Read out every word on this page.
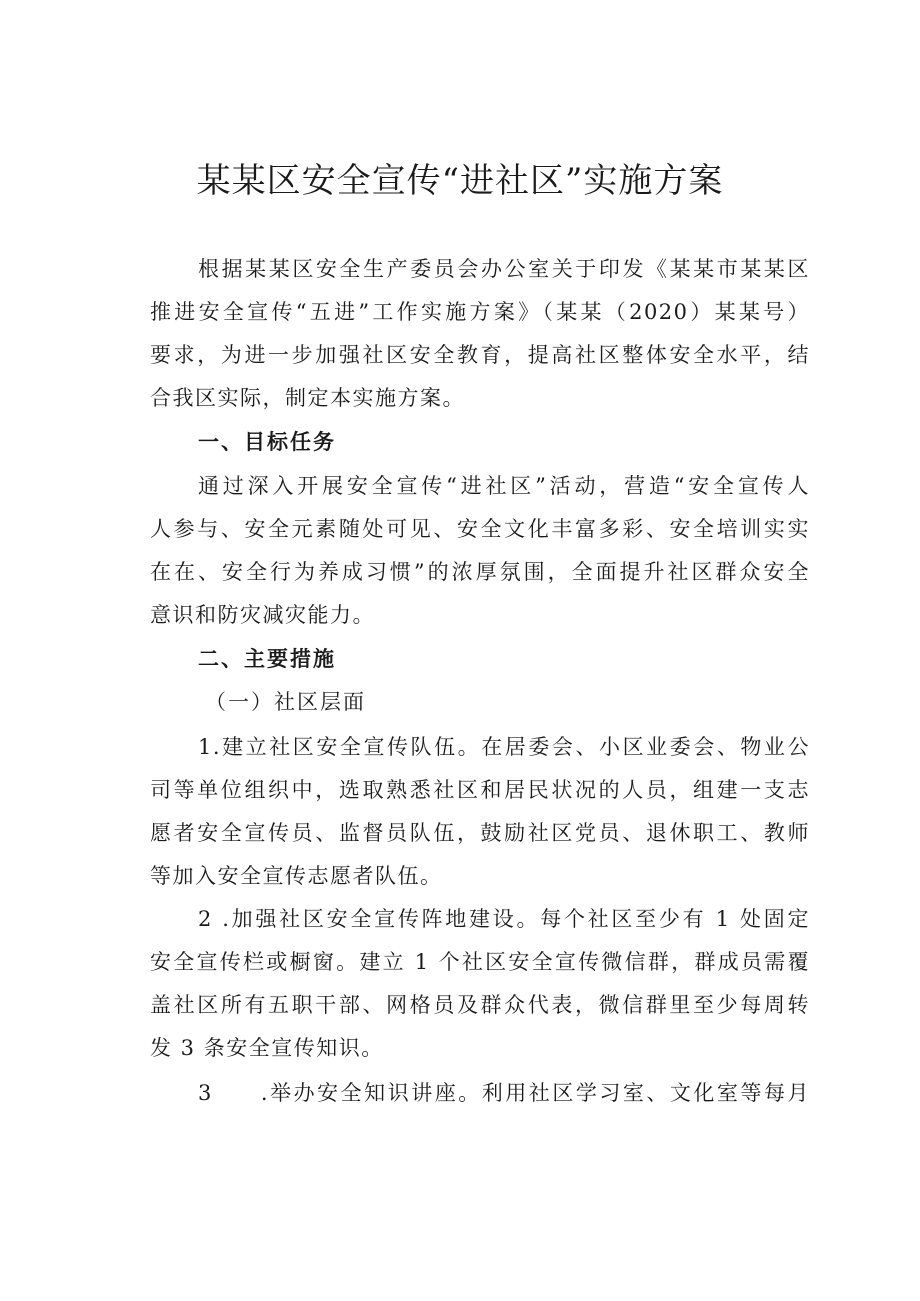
某某区安全宣传“进社区”实施方案
根据某某区安全生产委员会办公室关于印发《某某市某某区
推进安全宣传“五进”工作实施方案》（某某（2020）某某号）
要求，为进一步加强社区安全教育，提高社区整体安全水平，结
合我区实际，制定本实施方案。
一、目标任务
通过深入开展安全宣传“进社区”活动，营造“安全宣传人
人参与、安全元素随处可见、安全文化丰富多彩、安全培训实实
在在、安全行为养成习惯”的浓厚氛围，全面提升社区群众安全
意识和防灾减灾能力。
二、主要措施
（一）社区层面
1.建立社区安全宣传队伍。在居委会、小区业委会、物业公
司等单位组织中，选取熟悉社区和居民状况的人员，组建一支志
愿者安全宣传员、监督员队伍，鼓励社区党员、退休职工、教师
等加入安全宣传志愿者队伍。
2 .加强社区安全宣传阵地建设。每个社区至少有 1 处固定
安全宣传栏或橱窗。建立 1 个社区安全宣传微信群，群成员需覆
盖社区所有五职干部、网格员及群众代表，微信群里至少每周转
发 3 条安全宣传知识。
3　　.举办安全知识讲座。利用社区学习室、文化室等每月
